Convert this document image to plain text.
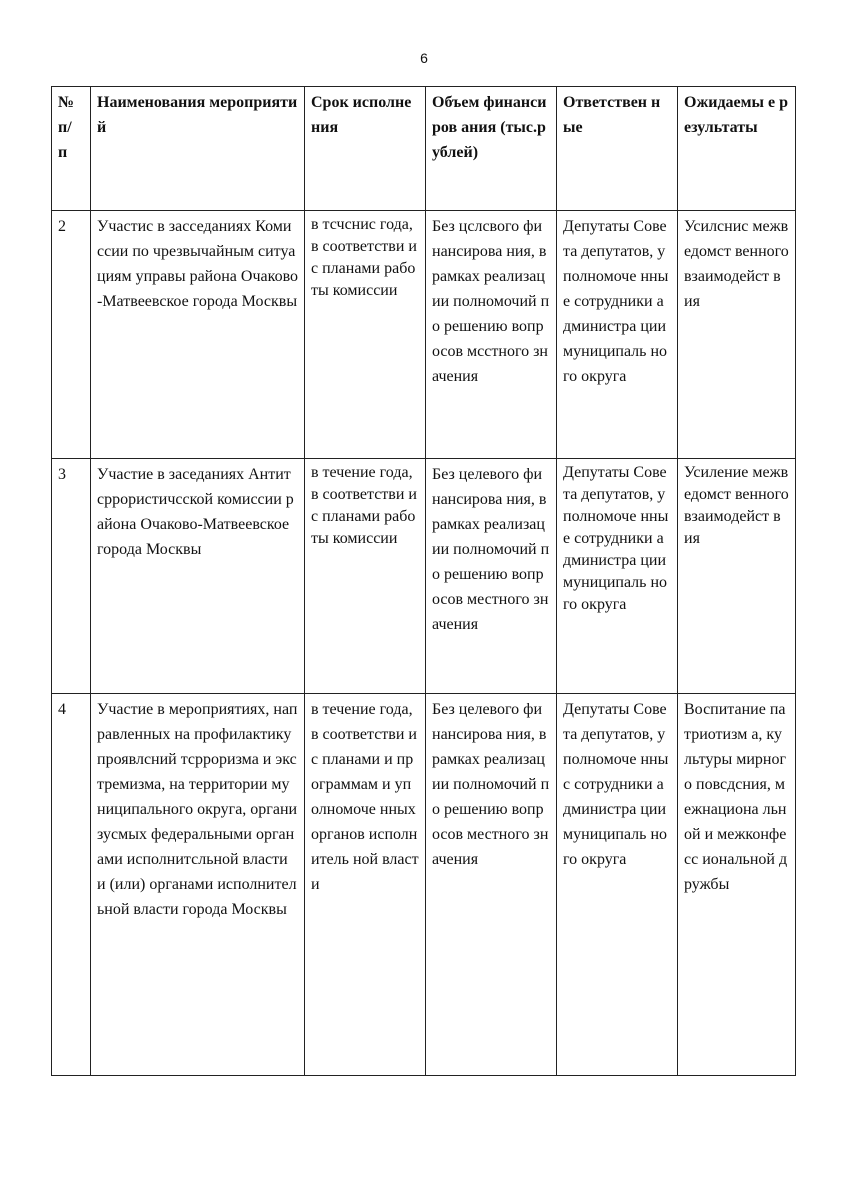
6
№
п/
п	Наименования мероприятий	Срок исполнения	Объем финансиров ания (тыс.рублей)	Ответствен ные	Ожидаемы е результаты

2	Участис в засседаниях Комиссии по чрезвычайным ситуациям управы района Очаково-Матвеевское города Москвы	в тсчснис года, в соответстви и с планами работы комиссии	Без цслсвого финансирова ния, в рамках реализации полномочий по решению вопросов мсстного значения	Депутаты Совета депутатов, уполномоче нные сотрудники администра ции муниципаль ного округа	Усилснис межведомст венного взаимодейст вия
3	Участие в заседаниях Антитсррористичсской комиссии района Очаково-Матвеевское города Москвы	в течение года, в соответстви и с планами работы комиссии	Без целевого финансирова ния, в рамках реализации полномочий по решению вопросов местного значения	Депутаты Совета депутатов, уполномоче нные сотрудники администра ции муниципаль ного округа	Усиление межведомст венного взаимодейст вия
4	Участие в мероприятиях, направленных на профилактику проявлсний тсрроризма и экстремизма, на территории муниципального округа, организусмых федеральными органами исполнитсльной власти и (или) органами исполнительной власти города Москвы	в течение года, в соответстви и с планами и программам и уполномоче нных органов исполнитель ной власти	Без целевого финансирова ния, в рамках реализации полномочий по решению вопросов местного значения	Депутаты Совета депутатов, уполномоче нныс сотрудники администра ции муниципаль ного округа	Воспитание патриотизм а, культуры мирного повсдсния, межнациона льной и межконфесс иональной дружбы
